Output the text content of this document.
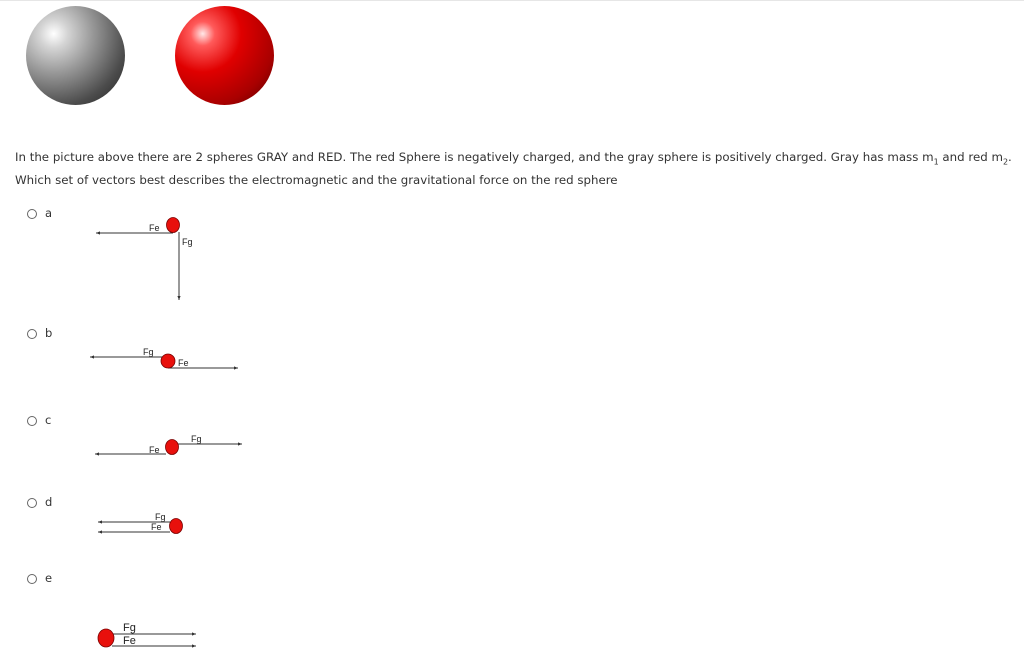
In the picture above there are 2 spheres GRAY and RED. The red Sphere is negatively charged, and the gray sphere is positively charged. Gray has mass $m_1$ and red $m_2$. Which set of vectors best describes the electromagnetic and the gravitational force on the red sphere
a
Fe
Fg
b
Fg
Fe
c
Fe
Fg
d
Fg
Fe
e
Fg
Fe
